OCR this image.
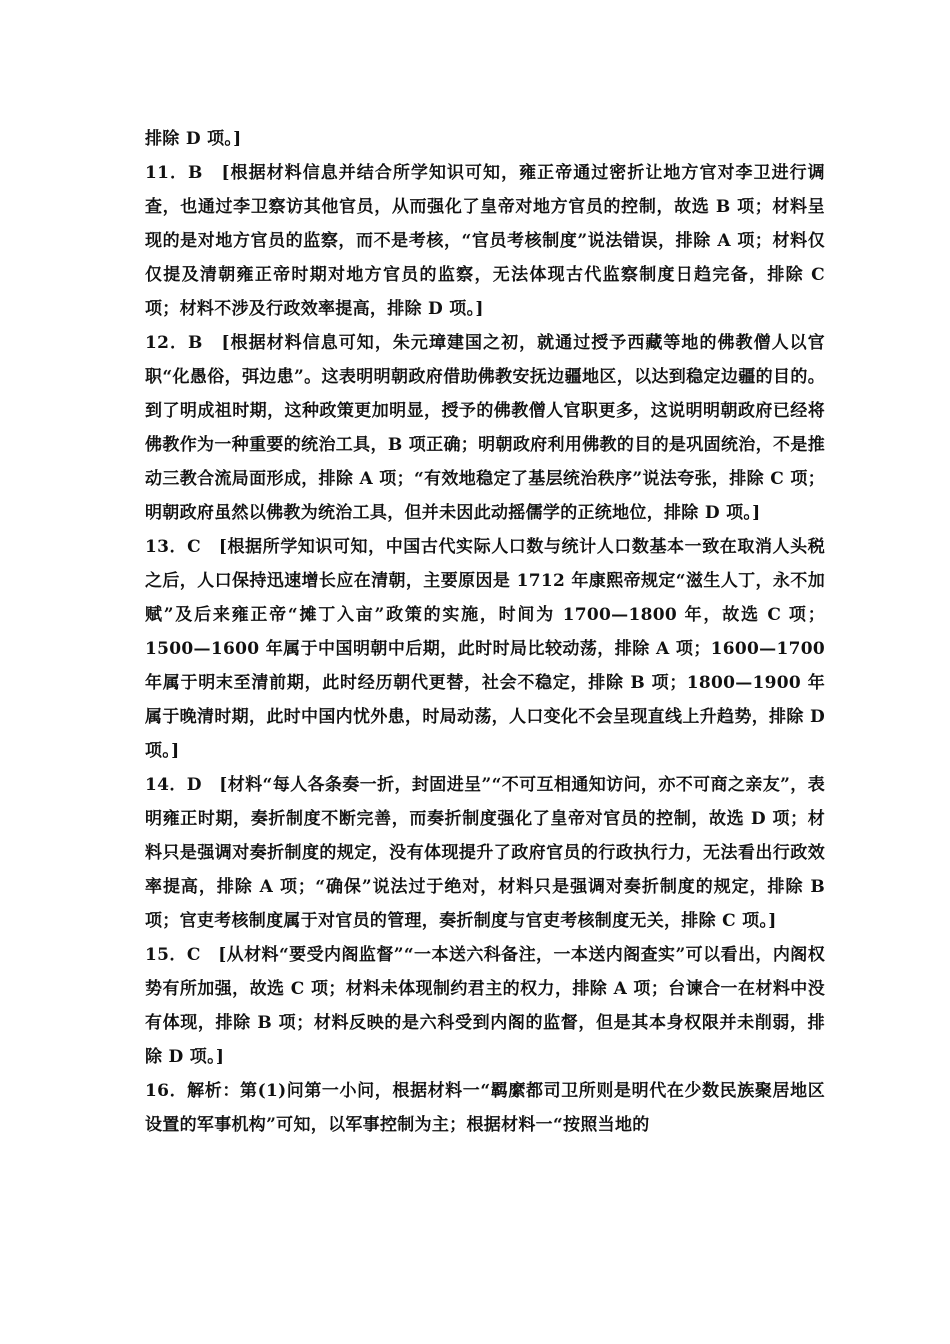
排除 D 项。]

11．B　[根据材料信息并结合所学知识可知，雍正帝通过密折让地方官对李卫进行调查，也通过李卫察访其他官员，从而强化了皇帝对地方官员的控制，故选 B 项；材料呈现的是对地方官员的监察，而不是考核，“官员考核制度”说法错误，排除 A 项；材料仅仅提及清朝雍正帝时期对地方官员的监察，无法体现古代监察制度日趋完备，排除 C 项；材料不涉及行政效率提高，排除 D 项。]

12．B　[根据材料信息可知，朱元璋建国之初，就通过授予西藏等地的佛教僧人以官职“化愚俗，弭边患”。这表明明朝政府借助佛教安抚边疆地区，以达到稳定边疆的目的。到了明成祖时期，这种政策更加明显，授予的佛教僧人官职更多，这说明明朝政府已经将佛教作为一种重要的统治工具，B 项正确；明朝政府利用佛教的目的是巩固统治，不是推动三教合流局面形成，排除 A 项；“有效地稳定了基层统治秩序”说法夸张，排除 C 项；明朝政府虽然以佛教为统治工具，但并未因此动摇儒学的正统地位，排除 D 项。]

13．C　[根据所学知识可知，中国古代实际人口数与统计人口数基本一致在取消人头税之后，人口保持迅速增长应在清朝，主要原因是 1712 年康熙帝规定“滋生人丁，永不加赋”及后来雍正帝“摊丁入亩”政策的实施，时间为 1700—1800 年，故选 C 项；1500—1600 年属于中国明朝中后期，此时时局比较动荡，排除 A 项；1600—1700 年属于明末至清前期，此时经历朝代更替，社会不稳定，排除 B 项；1800—1900 年属于晚清时期，此时中国内忧外患，时局动荡，人口变化不会呈现直线上升趋势，排除 D 项。]

14．D　[材料“每人各条奏一折，封固进呈”“不可互相通知访问，亦不可商之亲友”，表明雍正时期，奏折制度不断完善，而奏折制度强化了皇帝对官员的控制，故选 D 项；材料只是强调对奏折制度的规定，没有体现提升了政府官员的行政执行力，无法看出行政效率提高，排除 A 项；“确保”说法过于绝对，材料只是强调对奏折制度的规定，排除 B 项；官吏考核制度属于对官员的管理，奏折制度与官吏考核制度无关，排除 C 项。]

15．C　[从材料“要受内阁监督”“一本送六科备注，一本送内阁查实”可以看出，内阁权势有所加强，故选 C 项；材料未体现制约君主的权力，排除 A 项；台谏合一在材料中没有体现，排除 B 项；材料反映的是六科受到内阁的监督，但是其本身权限并未削弱，排除 D 项。]

16．解析：第(1)问第一小问，根据材料一“羁縻都司卫所则是明代在少数民族聚居地区设置的军事机构”可知，以军事控制为主；根据材料一“按照当地的
